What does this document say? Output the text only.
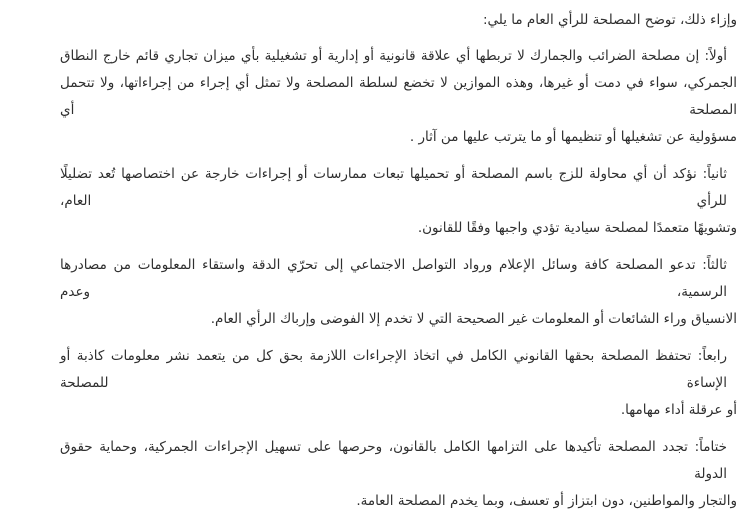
وإزاء ذلك، توضح المصلحة للرأي العام ما يلي:
أولاً: إن مصلحة الضرائب والجمارك لا تربطها أي علاقة قانونية أو إدارية أو تشغيلية بأي ميزان تجاري قائم خارج النطاق
الجمركي، سواء في دمت أو غيرها، وهذه الموازين لا تخضع لسلطة المصلحة ولا تمثل أي إجراء من إجراءاتها، ولا تتحمل المصلحة أي
مسؤولية عن تشغيلها أو تنظيمها أو ما يترتب عليها من آثار .
ثانياً: نؤكد أن أي محاولة للزج باسم المصلحة أو تحميلها تبعات ممارسات أو إجراءات خارجة عن اختصاصها تُعد تضليلًا للرأي العام،
وتشويهًا متعمدًا لمصلحة سيادية تؤدي واجبها وفقًا للقانون.
ثالثاً: تدعو المصلحة كافة وسائل الإعلام ورواد التواصل الاجتماعي إلى تحرّي الدقة واستقاء المعلومات من مصادرها الرسمية، وعدم
الانسياق وراء الشائعات أو المعلومات غير الصحيحة التي لا تخدم إلا الفوضى وإرباك الرأي العام.
رابعاً: تحتفظ المصلحة بحقها القانوني الكامل في اتخاذ الإجراءات اللازمة بحق كل من يتعمد نشر معلومات كاذبة أو الإساءة للمصلحة
أو عرقلة أداء مهامها.
ختاماً: تجدد المصلحة تأكيدها على التزامها الكامل بالقانون، وحرصها على تسهيل الإجراءات الجمركية، وحماية حقوق الدولة
والتجار والمواطنين، دون ابتزاز أو تعسف، وبما يخدم المصلحة العامة.
